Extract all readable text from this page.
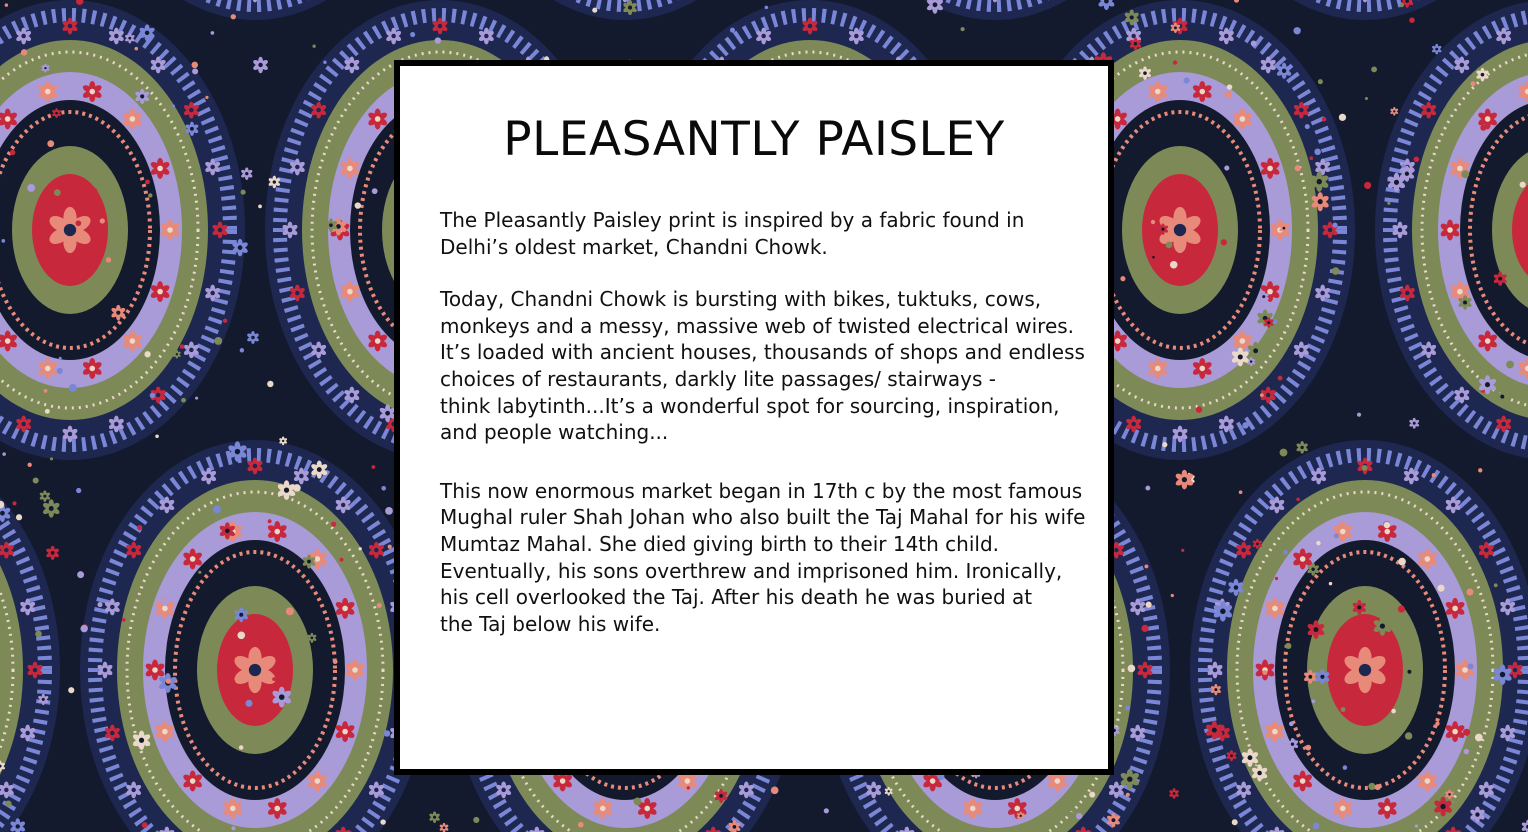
PLEASANTLY PAISLEY

The Pleasantly Paisley print is inspired by a fabric found in
Delhi’s oldest market, Chandni Chowk.

Today, Chandni Chowk is bursting with bikes, tuktuks, cows,
monkeys and a messy, massive web of twisted electrical wires.
It’s loaded with ancient houses, thousands of shops and endless
choices of restaurants, darkly lite passages/ stairways -
think labytinth...It’s a wonderful spot for sourcing, inspiration,
and people watching...

This now enormous market began in 17th c by the most famous
Mughal ruler Shah Johan who also built the Taj Mahal for his wife
Mumtaz Mahal. She died giving birth to their 14th child.
Eventually, his sons overthrew and imprisoned him. Ironically,
his cell overlooked the Taj. After his death he was buried at
the Taj below his wife.
